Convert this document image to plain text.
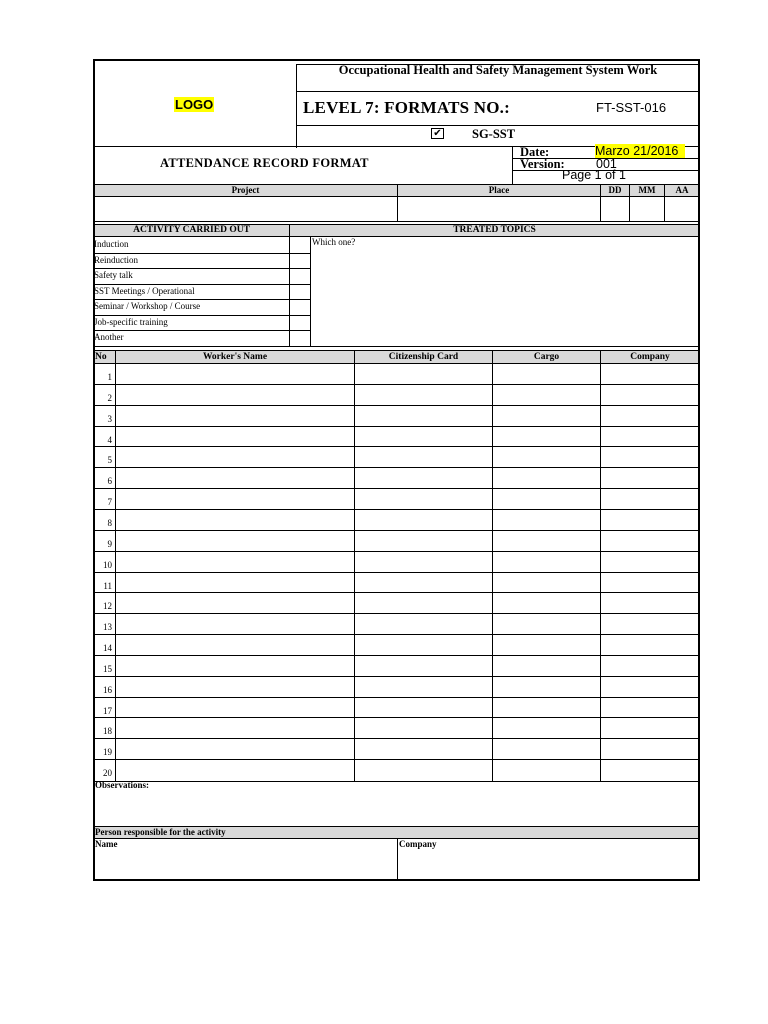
LOGO
Occupational Health and Safety Management System Work
LEVEL 7: FORMATS NO.:	FT-SST-016
✔ SG-SST
ATTENDANCE RECORD FORMAT
Date:	Marzo 21/2016
Version:	001
Page 1 of 1
Project	Place	DD	MM	AA
ACTIVITY CARRIED OUT	TREATED TOPICS
Which one?
Induction
Reinduction
Safety talk
SST Meetings / Operational
Seminar / Workshop / Course
Job-specific training
Another
No	Worker's Name	Citizenship Card	Cargo	Company
1
2
3
4
5
6
7
8
9
10
11
12
13
14
15
16
17
18
19
20
Observations:
Person responsible for the activity
Name	Company
